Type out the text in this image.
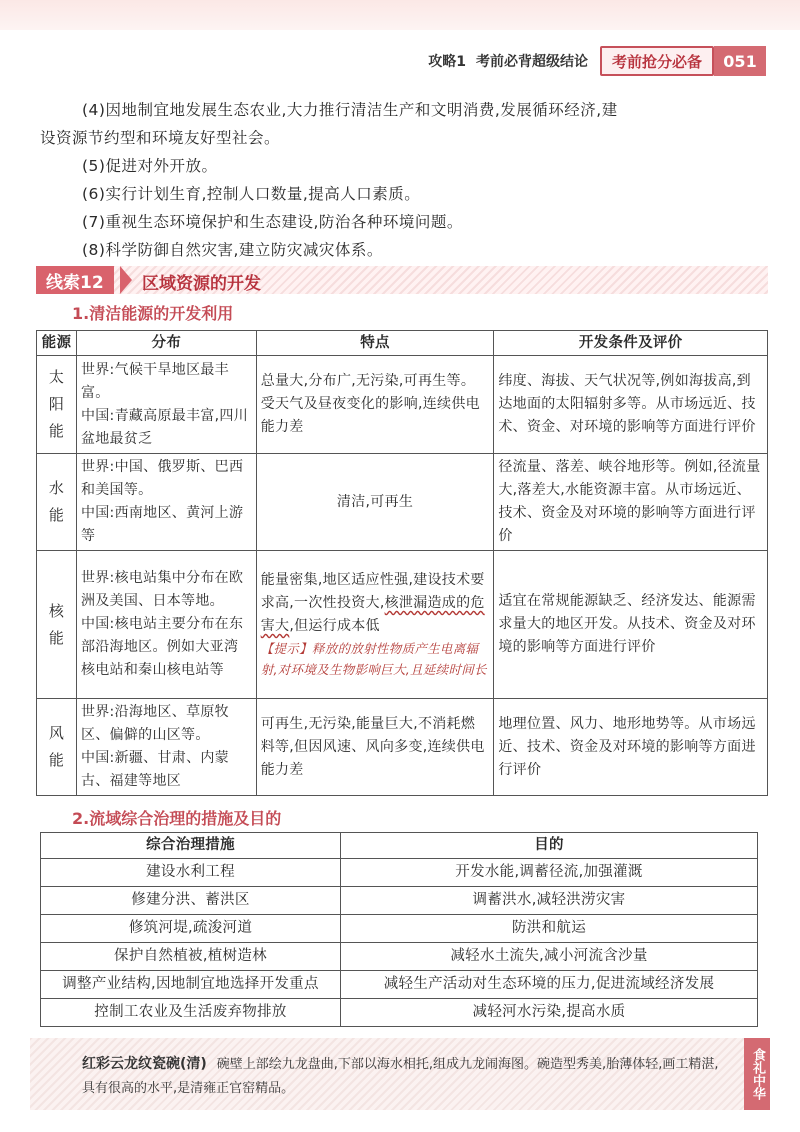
攻略1 考前必背超级结论	考前抢分必备	051

(4)因地制宜地发展生态农业,大力推行清洁生产和文明消费,发展循环经济,建

设资源节约型和环境友好型社会。

(5)促进对外开放。

(6)实行计划生育,控制人口数量,提高人口素质。

(7)重视生态环境保护和生态建设,防治各种环境问题。

(8)科学防御自然灾害,建立防灾减灾体系。

线索12	区域资源的开发
1.清洁能源的开发利用
能源	分布	特点	开发条件及评价

太阳能	世界:气候干旱地区最丰富。
中国:青藏高原最丰富,四川盆地最贫乏	总量大,分布广,无污染,可再生等。受天气及昼夜变化的影响,连续供电能力差	纬度、海拔、天气状况等,例如海拔高,到达地面的太阳辐射多等。从市场远近、技术、资金、对环境的影响等方面进行评价

水能	世界:中国、俄罗斯、巴西和美国等。
中国:西南地区、黄河上游等	清洁,可再生	径流量、落差、峡谷地形等。例如,径流量大,落差大,水能资源丰富。从市场远近、技术、资金及对环境的影响等方面进行评价

核能	世界:核电站集中分布在欧洲及美国、日本等地。
中国:核电站主要分布在东部沿海地区。例如大亚湾核电站和秦山核电站等	能量密集,地区适应性强,建设技术要求高,一次性投资大,核泄漏造成的危害大,但运行成本低
【提示】释放的放射性物质产生电离辐射,对环境及生物影响巨大,且延续时间长	适宜在常规能源缺乏、经济发达、能源需求量大的地区开发。从技术、资金及对环境的影响等方面进行评价

风能	世界:沿海地区、草原牧区、偏僻的山区等。
中国:新疆、甘肃、内蒙古、福建等地区	可再生,无污染,能量巨大,不消耗燃料等,但因风速、风向多变,连续供电能力差	地理位置、风力、地形地势等。从市场远近、技术、资金及对环境的影响等方面进行评价
2.流域综合治理的措施及目的
综合治理措施	目的
建设水利工程	开发水能,调蓄径流,加强灌溉
修建分洪、蓄洪区	调蓄洪水,减轻洪涝灾害
修筑河堤,疏浚河道	防洪和航运
保护自然植被,植树造林	减轻水土流失,减小河流含沙量
调整产业结构,因地制宜地选择开发重点	减轻生产活动对生态环境的压力,促进流域经济发展
控制工农业及生活废弃物排放	减轻河水污染,提高水质
红彩云龙纹瓷碗(清) 碗壁上部绘九龙盘曲,下部以海水相托,组成九龙闹海图。碗造型秀美,胎薄体轻,画工精湛,具有很高的水平,是清雍正官窑精品。	食礼中华
